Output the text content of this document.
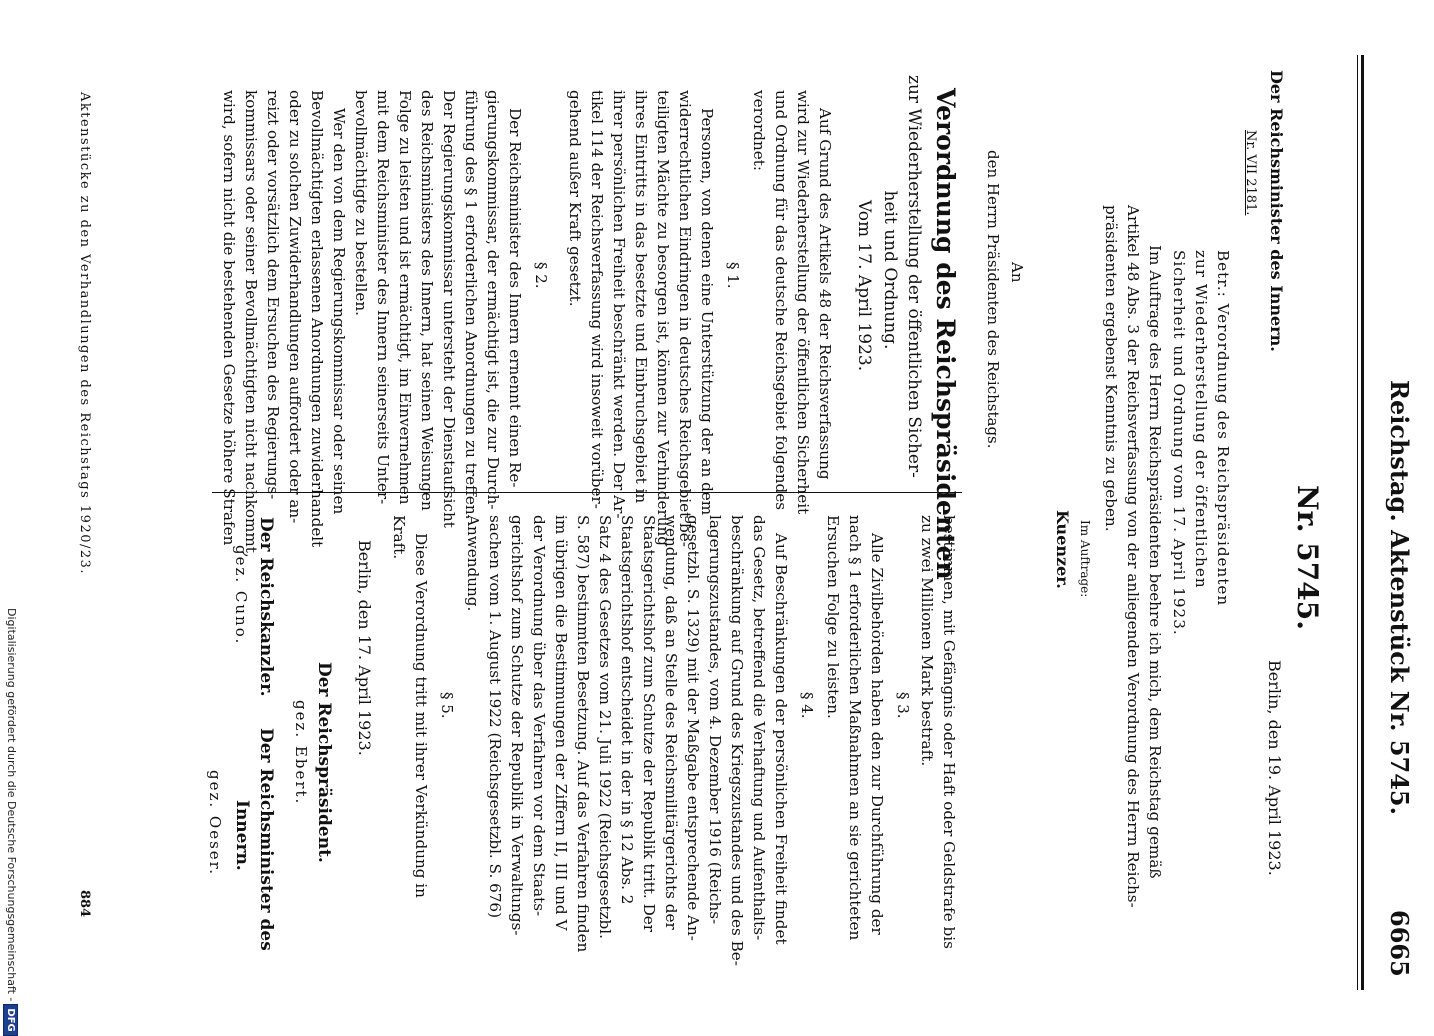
Reichstag. Aktenstück Nr. 5745.
6665
Nr. 5745.
Der Reichsminister des Innern.
Berlin, den 19. April 1923.
Nr. VII 2181.
Betr.: Verordnung des Reichspräsidenten
zur Wiederherstellung der öffentlichen
Sicherheit und Ordnung vom 17. April 1923.
Im Auftrage des Herrn Reichspräsidenten beehre ich mich, dem Reichstag gemäß
Artikel 48 Abs. 3 der Reichsverfassung von der anliegenden Verordnung des Herrn Reichs-
präsidenten ergebenst Kenntnis zu geben.
Im Auftrage:
Kuenzer.
An
den Herrn Präsidenten des Reichstags.
Verordnung des Reichspräsidenten
zur Wiederherstellung der öffentlichen Sicher-
heit und Ordnung.
Vom 17. April 1923.
Auf Grund des Artikels 48 der Reichsverfassung
wird zur Wiederherstellung der öffentlichen Sicherheit
und Ordnung für das deutsche Reichsgebiet folgendes
verordnet:
§ 1.
Personen, von denen eine Unterstützung der an dem
widerrechtlichen Eindringen in deutsches Reichsgebiet be-
teiligten Mächte zu besorgen ist, können zur Verhinderung
ihres Eintritts in das besetzte und Einbruchsgebiet in
ihrer persönlichen Freiheit beschränkt werden. Der Ar-
tikel 114 der Reichsverfassung wird insoweit vorüber-
gehend außer Kraft gesetzt.
§ 2.
Der Reichsminister des Innern ernennt einen Re-
gierungskommissar, der ermächtigt ist, die zur Durch-
führung des § 1 erforderlichen Anordnungen zu treffen.
Der Regierungskommissar untersteht der Dienstaufsicht
des Reichsministers des Innern, hat seinen Weisungen
Folge zu leisten und ist ermächtigt, im Einvernehmen
mit dem Reichsminister des Innern seinerseits Unter-
bevollmächtigte zu bestellen.
Wer den von dem Regierungskommissar oder seinen
Bevollmächtigten erlassenen Anordnungen zuwiderhandelt
oder zu solchen Zuwiderhandlungen auffordert oder an-
reizt oder vorsätzlich dem Ersuchen des Regierungs-
kommissars oder seiner Bevollmächtigten nicht nachkommt,
wird, sofern nicht die bestehenden Gesetze höhere Strafen
bestimmen, mit Gefängnis oder Haft oder Geldstrafe bis
zu zwei Millionen Mark bestraft.
§ 3.
Alle Zivilbehörden haben den zur Durchführung der
nach § 1 erforderlichen Maßnahmen an sie gerichteten
Ersuchen Folge zu leisten.
§ 4.
Auf Beschränkungen der persönlichen Freiheit findet
das Gesetz, betreffend die Verhaftung und Aufenthalts-
beschränkung auf Grund des Kriegszustandes und des Be-
lagerungszustandes, vom 4. Dezember 1916 (Reichs-
gesetzbl. S. 1329) mit der Maßgabe entsprechende An-
wendung, daß an Stelle des Reichsmilitärgerichts der
Staatsgerichtshof zum Schutze der Republik tritt. Der
Staatsgerichtshof entscheidet in der in § 12 Abs. 2
Satz 4 des Gesetzes vom 21. Juli 1922 (Reichsgesetzbl.
S. 587) bestimmten Besetzung. Auf das Verfahren finden
im übrigen die Bestimmungen der Ziffern II, III und V
der Verordnung über das Verfahren vor dem Staats-
gerichtshof zum Schutze der Republik in Verwaltungs-
sachen vom 1. August 1922 (Reichsgesetzbl. S. 676)
Anwendung.
§ 5.
Diese Verordnung tritt mit ihrer Verkündung in
Kraft.
Berlin, den 17. April 1923.
Der Reichspräsident.
gez. Ebert.
Der Reichskanzler.
gez. Cuno.
Der Reichsminister des
Innern.
gez. Oeser.
Aktenstücke zu den Verhandlungen des Reichstags 1920/23.
884
Digitalisierung gefördert durch die Deutsche Forschungsgemeinschaft -DFG
